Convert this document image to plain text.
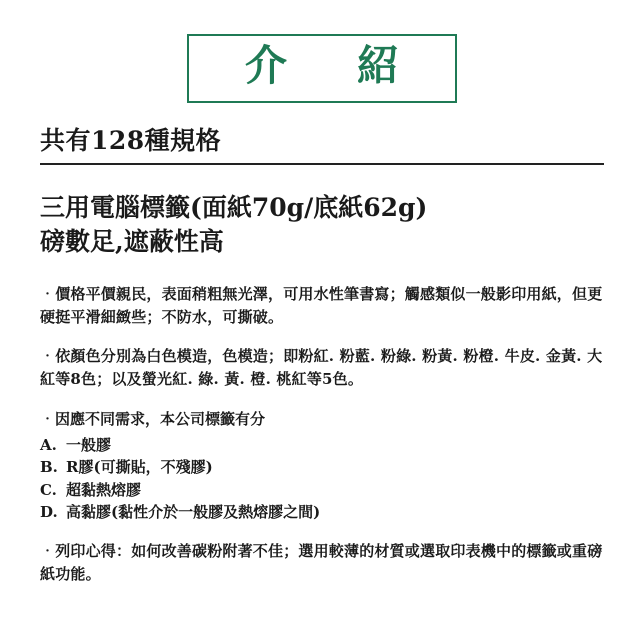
介　紹
共有128種規格
三用電腦標籤(面紙70g/底紙62g)
磅數足,遮蔽性高
‧價格平價親民，表面稍粗無光澤，可用水性筆書寫；觸感類似一般影印用紙，但更硬挺平滑細緻些；不防水，可撕破。
‧依顏色分別為白色模造，色模造；即粉紅. 粉藍. 粉綠. 粉黃. 粉橙. 牛皮. 金黃. 大紅等8色；以及螢光紅. 綠. 黃. 橙. 桃紅等5色。
‧因應不同需求，本公司標籤有分
A. 一般膠
B. R膠(可撕貼，不殘膠)
C. 超黏熱熔膠
D. 高黏膠(黏性介於一般膠及熱熔膠之間)
‧列印心得：如何改善碳粉附著不佳；選用較薄的材質或選取印表機中的標籤或重磅紙功能。
